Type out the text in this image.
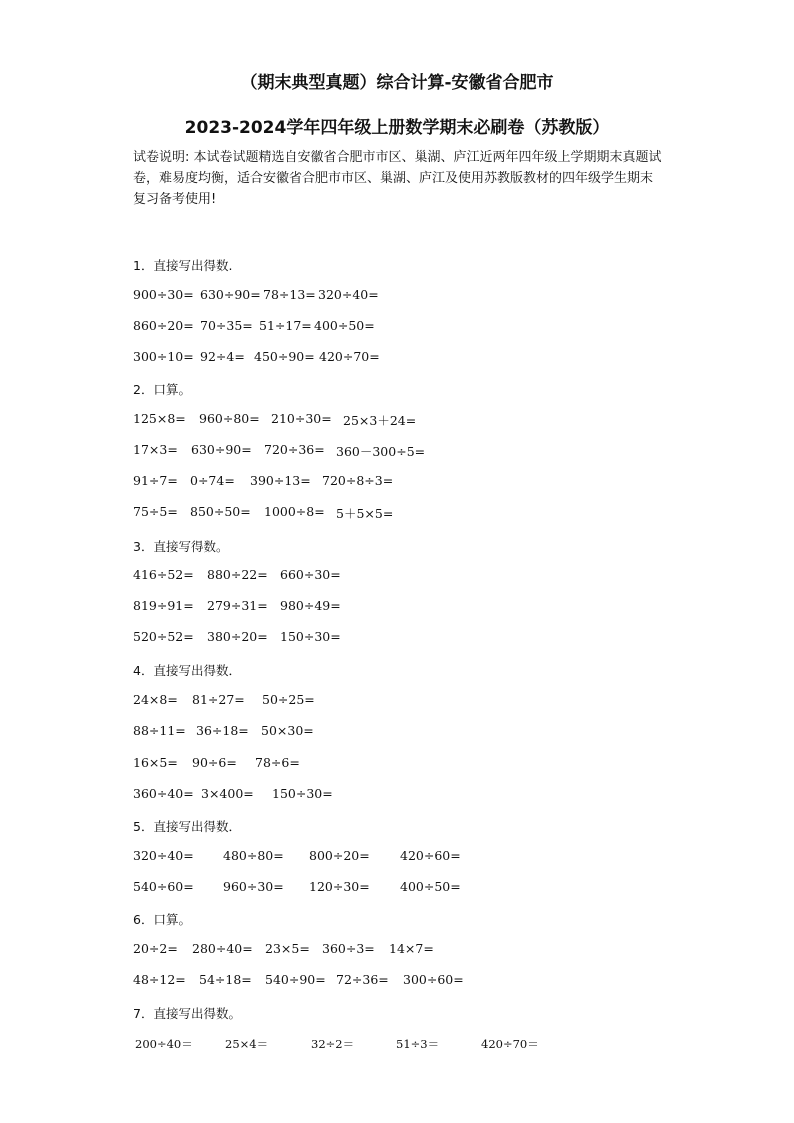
（期末典型真题）综合计算-安徽省合肥市
2023-2024学年四年级上册数学期末必刷卷（苏教版）
试卷说明: 本试卷试题精选自安徽省合肥市市区、巢湖、庐江近两年四年级上学期期末真题试卷，难易度均衡，适合安徽省合肥市市区、巢湖、庐江及使用苏教版教材的四年级学生期末复习备考使用!
1．直接写出得数.
900÷30= 630÷90= 78÷13= 320÷40=
860÷20= 70÷35= 51÷17= 400÷50=
300÷10= 92÷4= 450÷90= 420÷70=
2．口算。
125×8= 960÷80= 210÷30= 25×3＋24=
17×3= 630÷90= 720÷36= 360－300÷5=
91÷7= 0÷74= 390÷13= 720÷8÷3=
75÷5= 850÷50= 1000÷8= 5＋5×5=
3．直接写得数。
416÷52= 880÷22= 660÷30=
819÷91= 279÷31= 980÷49=
520÷52= 380÷20= 150÷30=
4．直接写出得数．
24×8= 81÷27= 50÷25=
88÷11= 36÷18= 50×30=
16×5= 90÷6= 78÷6=
360÷40= 3×400= 150÷30=
5．直接写出得数．
320÷40= 480÷80= 800÷20= 420÷60=
540÷60= 960÷30= 120÷30= 400÷50=
6．口算。
20÷2= 280÷40= 23×5= 360÷3= 14×7=
48÷12= 54÷18= 540÷90= 72÷36= 300÷60=
7．直接写出得数。
200÷40＝	25×4＝	32÷2＝	51÷3＝	420÷70＝
